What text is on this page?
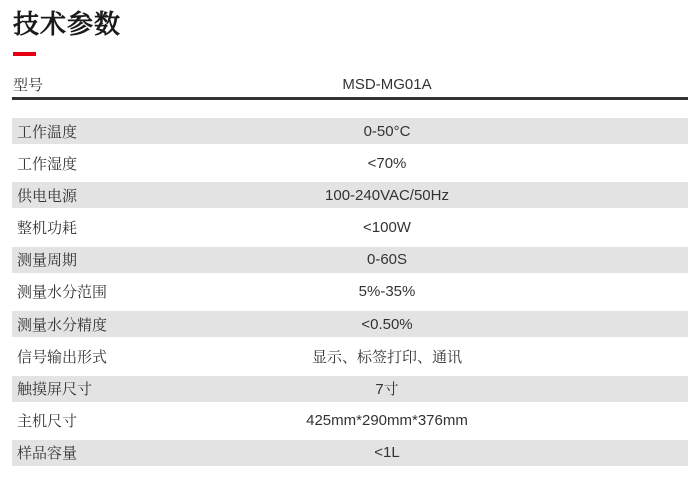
技术参数
型号	MSD-MG01A
工作温度	0-50°C
工作湿度	<70%
供电电源	100-240VAC/50Hz
整机功耗	<100W
测量周期	0-60S
测量水分范围	5%-35%
测量水分精度	<0.50%
信号输出形式	显示、标签打印、通讯
触摸屏尺寸	7寸
主机尺寸	425mm*290mm*376mm
样品容量	<1L
